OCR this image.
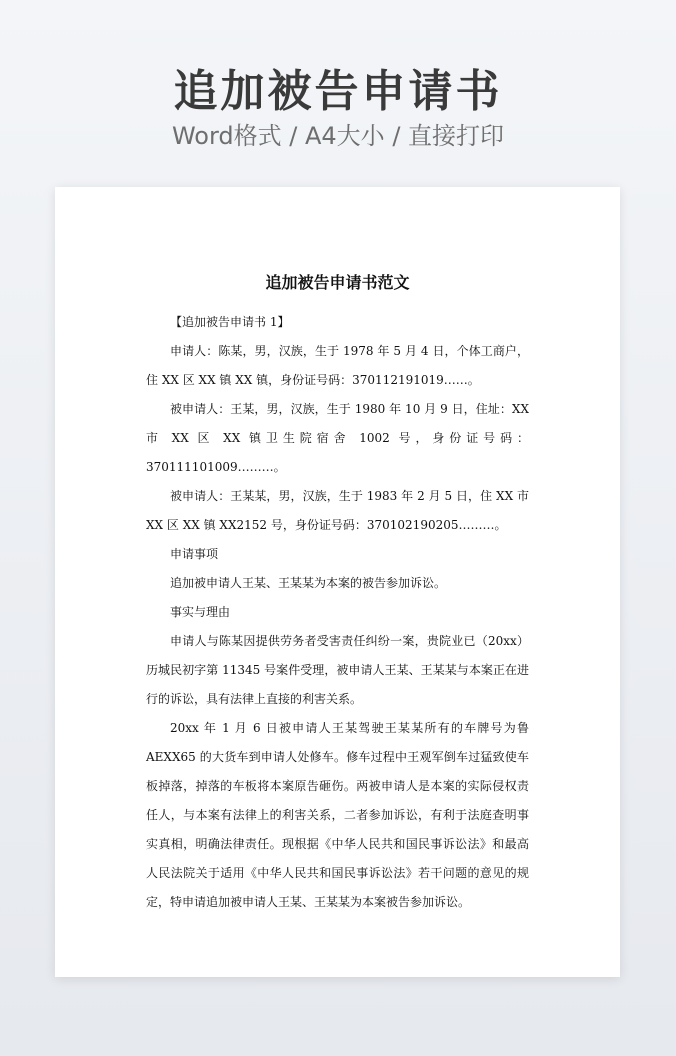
追加被告申请书
Word格式 / A4大小 / 直接打印
追加被告申请书范文

【追加被告申请书 1】

申请人：陈某，男，汉族，生于 1978 年 5 月 4 日，个体工商户，住 XX 区 XX 镇 XX 镇，身份证号码：370112191019……。

被申请人：王某，男，汉族，生于 1980 年 10 月 9 日，住址：XX 市 XX 区 XX 镇卫生院宿舍 1002 号，身份证号码：370111101009………。

被申请人：王某某，男，汉族，生于 1983 年 2 月 5 日，住 XX 市 XX 区 XX 镇 XX2152 号，身份证号码：370102190205………。

申请事项

追加被申请人王某、王某某为本案的被告参加诉讼。

事实与理由

申请人与陈某因提供劳务者受害责任纠纷一案，贵院业已（20xx）历城民初字第 11345 号案件受理，被申请人王某、王某某与本案正在进行的诉讼，具有法律上直接的利害关系。

20xx 年 1 月 6 日被申请人王某驾驶王某某所有的车牌号为鲁 AEXX65 的大货车到申请人处修车。修车过程中王观军倒车过猛致使车板掉落，掉落的车板将本案原告砸伤。两被申请人是本案的实际侵权责任人，与本案有法律上的利害关系，二者参加诉讼，有利于法庭查明事实真相，明确法律责任。现根据《中华人民共和国民事诉讼法》和最高人民法院关于适用《中华人民共和国民事诉讼法》若干问题的意见的规定，特申请追加被申请人王某、王某某为本案被告参加诉讼。
